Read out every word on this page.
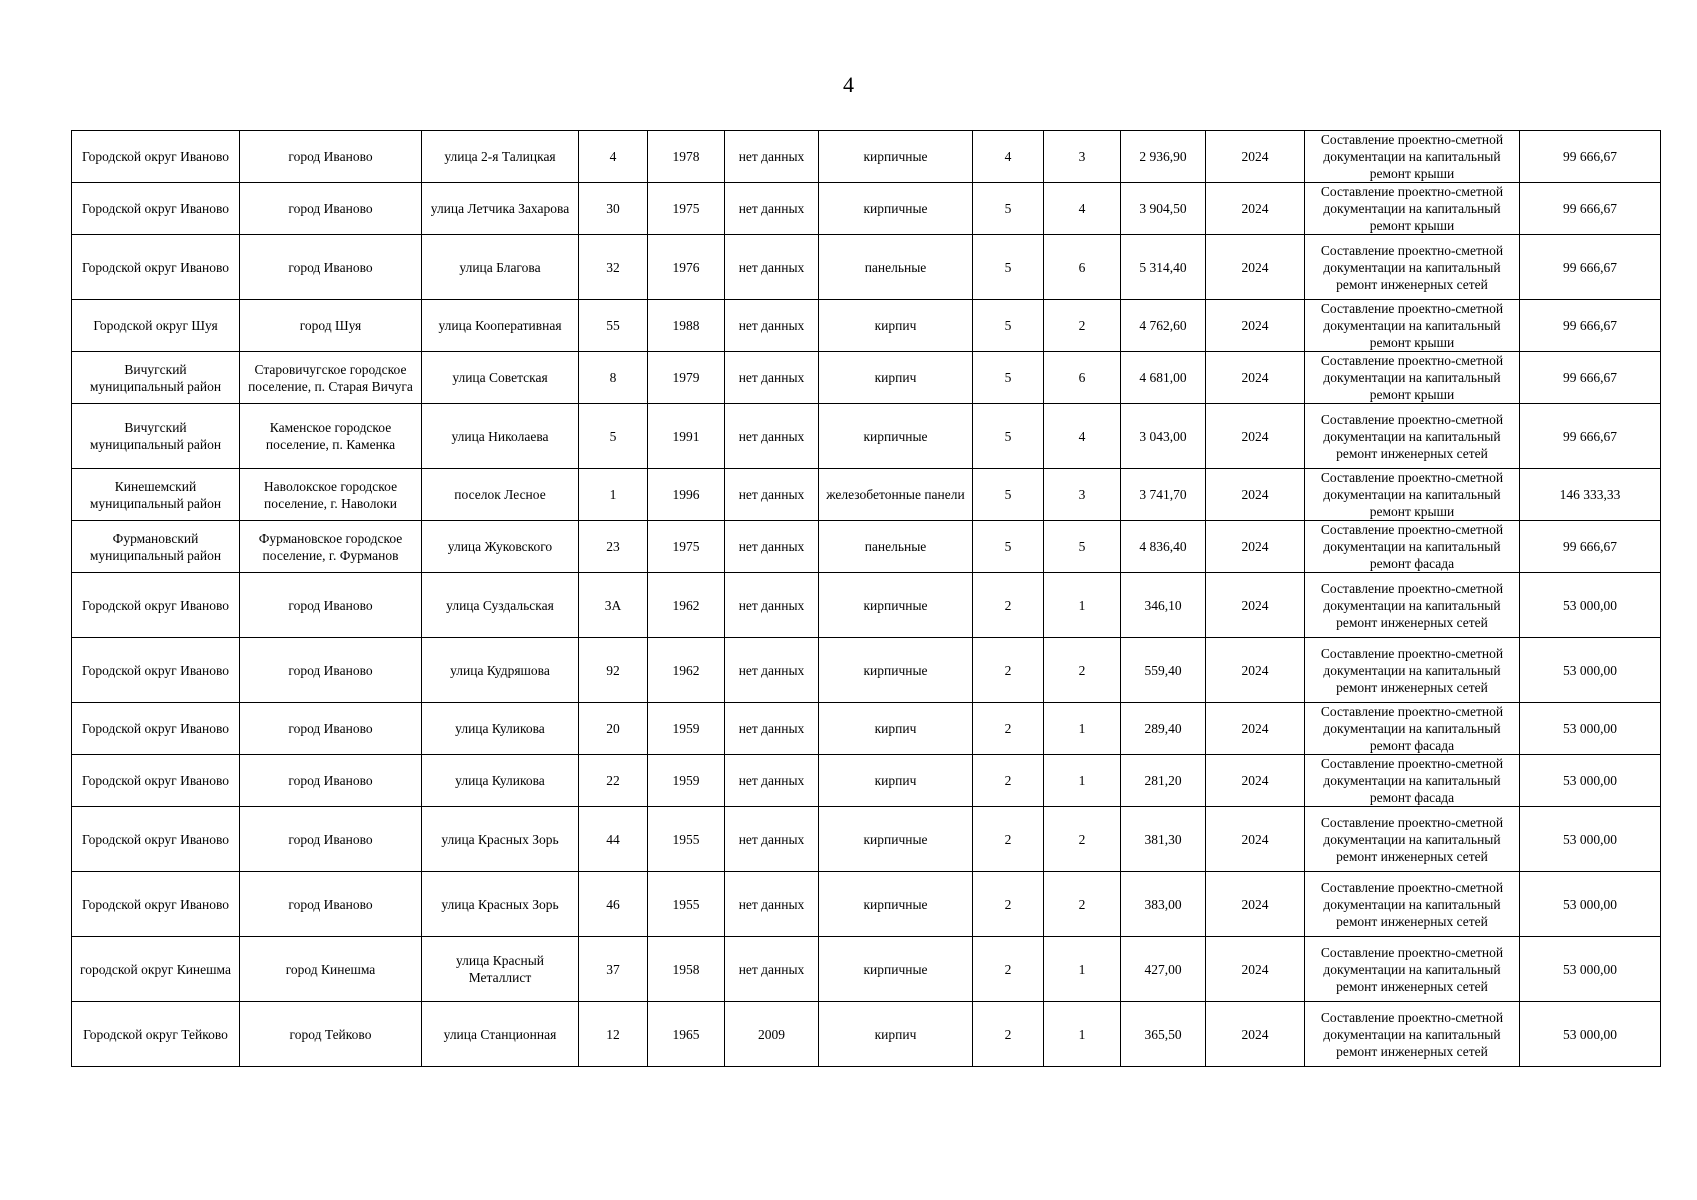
4
Городской округ Иваново	город Иваново	улица 2-я Талицкая	4	1978	нет данных	кирпичные	4	3	2 936,90	2024	Составление проектно-сметной документации на капитальный ремонт крыши	99 666,67
Городской округ Иваново	город Иваново	улица Летчика Захарова	30	1975	нет данных	кирпичные	5	4	3 904,50	2024	Составление проектно-сметной документации на капитальный ремонт крыши	99 666,67
Городской округ Иваново	город Иваново	улица Благова	32	1976	нет данных	панельные	5	6	5 314,40	2024	Составление проектно-сметной документации на капитальный ремонт инженерных сетей	99 666,67
Городской округ Шуя	город Шуя	улица Кооперативная	55	1988	нет данных	кирпич	5	2	4 762,60	2024	Составление проектно-сметной документации на капитальный ремонт крыши	99 666,67
Вичугский муниципальный район	Старовичугское городское поселение, п. Старая Вичуга	улица Советская	8	1979	нет данных	кирпич	5	6	4 681,00	2024	Составление проектно-сметной документации на капитальный ремонт крыши	99 666,67
Вичугский муниципальный район	Каменское городское поселение, п. Каменка	улица Николаева	5	1991	нет данных	кирпичные	5	4	3 043,00	2024	Составление проектно-сметной документации на капитальный ремонт инженерных сетей	99 666,67
Кинешемский муниципальный район	Наволокское городское поселение, г. Наволоки	поселок Лесное	1	1996	нет данных	железобетонные панели	5	3	3 741,70	2024	Составление проектно-сметной документации на капитальный ремонт крыши	146 333,33
Фурмановский муниципальный район	Фурмановское городское поселение, г. Фурманов	улица Жуковского	23	1975	нет данных	панельные	5	5	4 836,40	2024	Составление проектно-сметной документации на капитальный ремонт фасада	99 666,67
Городской округ Иваново	город Иваново	улица Суздальская	3А	1962	нет данных	кирпичные	2	1	346,10	2024	Составление проектно-сметной документации на капитальный ремонт инженерных сетей	53 000,00
Городской округ Иваново	город Иваново	улица Кудряшова	92	1962	нет данных	кирпичные	2	2	559,40	2024	Составление проектно-сметной документации на капитальный ремонт инженерных сетей	53 000,00
Городской округ Иваново	город Иваново	улица Куликова	20	1959	нет данных	кирпич	2	1	289,40	2024	Составление проектно-сметной документации на капитальный ремонт фасада	53 000,00
Городской округ Иваново	город Иваново	улица Куликова	22	1959	нет данных	кирпич	2	1	281,20	2024	Составление проектно-сметной документации на капитальный ремонт фасада	53 000,00
Городской округ Иваново	город Иваново	улица Красных Зорь	44	1955	нет данных	кирпичные	2	2	381,30	2024	Составление проектно-сметной документации на капитальный ремонт инженерных сетей	53 000,00
Городской округ Иваново	город Иваново	улица Красных Зорь	46	1955	нет данных	кирпичные	2	2	383,00	2024	Составление проектно-сметной документации на капитальный ремонт инженерных сетей	53 000,00
городской округ Кинешма	город Кинешма	улица Красный Металлист	37	1958	нет данных	кирпичные	2	1	427,00	2024	Составление проектно-сметной документации на капитальный ремонт инженерных сетей	53 000,00
Городской округ Тейково	город Тейково	улица Станционная	12	1965	2009	кирпич	2	1	365,50	2024	Составление проектно-сметной документации на капитальный ремонт инженерных сетей	53 000,00
